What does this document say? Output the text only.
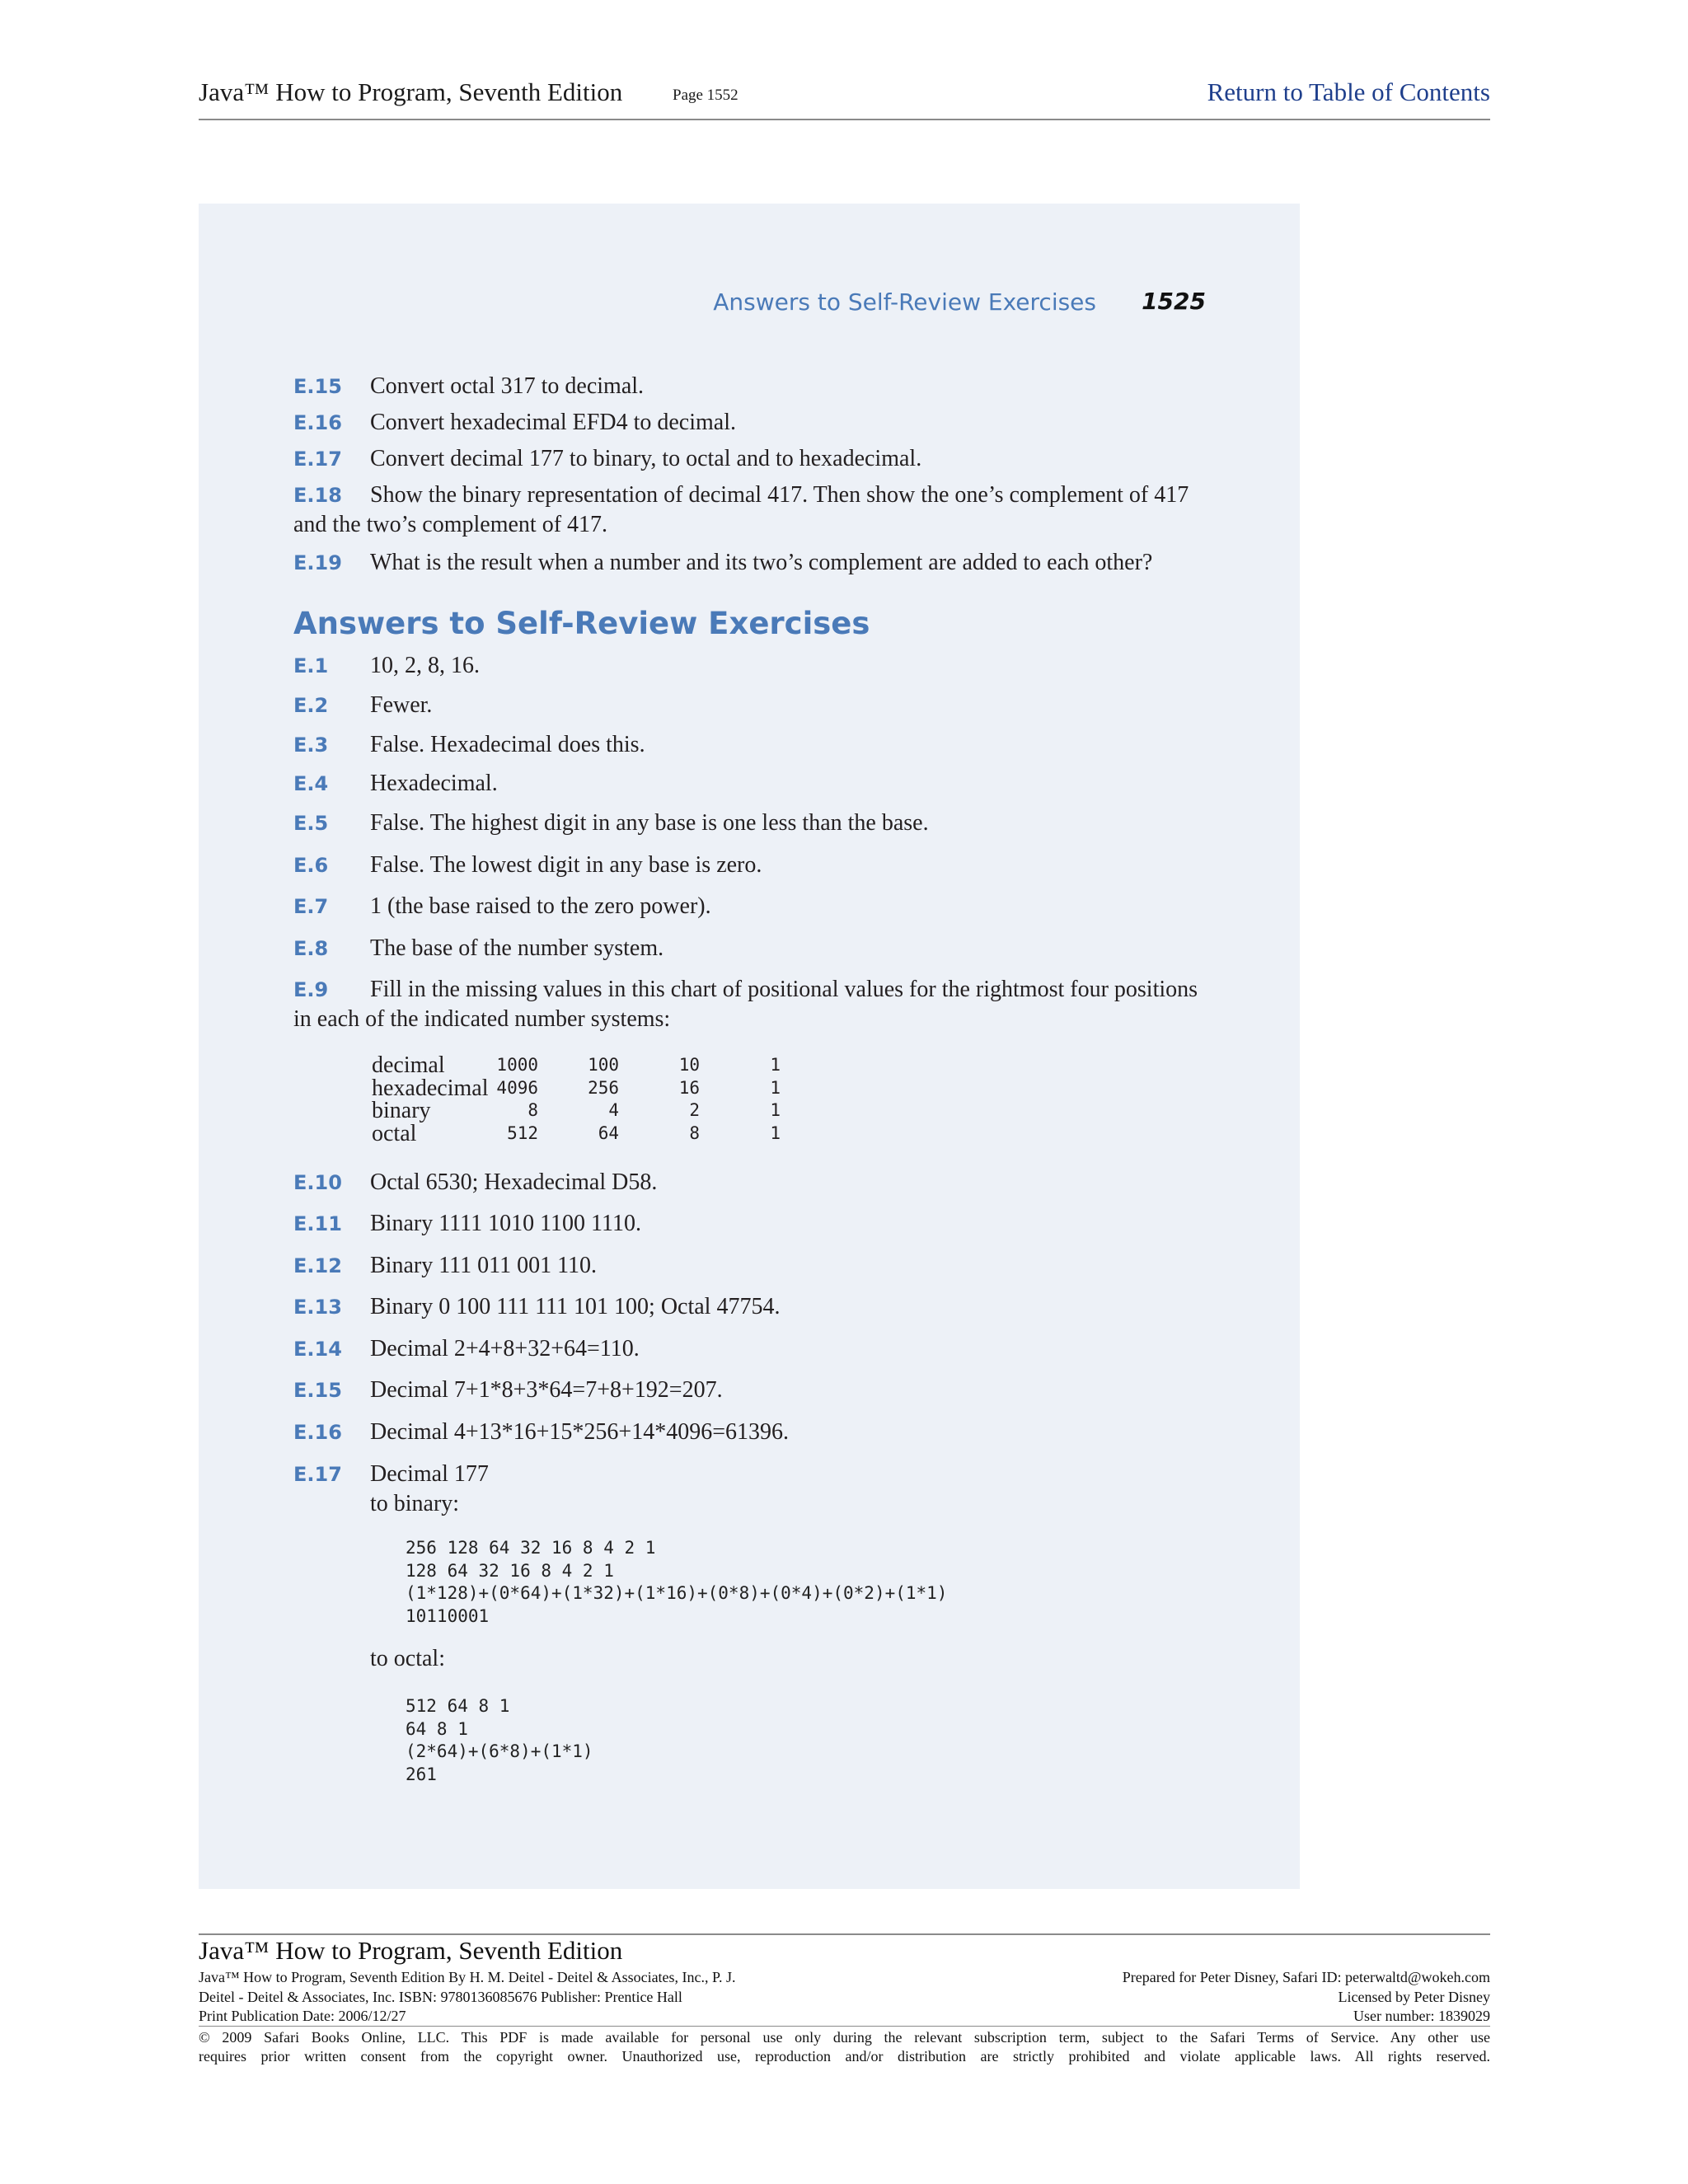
Java™ How to Program, Seventh Edition	Page 1552	Return to Table of Contents
Answers to Self-Review Exercises 1525
E.15 Convert octal 317 to decimal.
E.16 Convert hexadecimal EFD4 to decimal.
E.17 Convert decimal 177 to binary, to octal and to hexadecimal.
E.18 Show the binary representation of decimal 417. Then show the one’s complement of 417
and the two’s complement of 417.
E.19 What is the result when a number and its two’s complement are added to each other?
Answers to Self-Review Exercises
E.1 10, 2, 8, 16.
E.2 Fewer.
E.3 False. Hexadecimal does this.
E.4 Hexadecimal.
E.5 False. The highest digit in any base is one less than the base.
E.6 False. The lowest digit in any base is zero.
E.7 1 (the base raised to the zero power).
E.8 The base of the number system.
E.9 Fill in the missing values in this chart of positional values for the rightmost four positions
in each of the indicated number systems:
decimal	1000	100	10	1
hexadecimal	4096	256	16	1
binary	8	4	2	1
octal	512	64	8	1
E.10 Octal 6530; Hexadecimal D58.
E.11 Binary 1111 1010 1100 1110.
E.12 Binary 111 011 001 110.
E.13 Binary 0 100 111 111 101 100; Octal 47754.
E.14 Decimal 2+4+8+32+64=110.
E.15 Decimal 7+1*8+3*64=7+8+192=207.
E.16 Decimal 4+13*16+15*256+14*4096=61396.
E.17 Decimal 177
to binary:
256 128 64 32 16 8 4 2 1
128 64 32 16 8 4 2 1
(1*128)+(0*64)+(1*32)+(1*16)+(0*8)+(0*4)+(0*2)+(1*1)
10110001
to octal:
512 64 8 1
64 8 1
(2*64)+(6*8)+(1*1)
261
Java™ How to Program, Seventh Edition
Java™ How to Program, Seventh Edition By H. M. Deitel - Deitel & Associates, Inc., P. J.
Deitel - Deitel & Associates, Inc. ISBN: 9780136085676 Publisher: Prentice Hall
Print Publication Date: 2006/12/27
Prepared for Peter Disney, Safari ID: peterwaltd@wokeh.com
Licensed by Peter Disney
User number: 1839029
© 2009 Safari Books Online, LLC. This PDF is made available for personal use only during the relevant subscription term, subject to the Safari Terms of Service. Any other use
requires prior written consent from the copyright owner. Unauthorized use, reproduction and/or distribution are strictly prohibited and violate applicable laws. All rights reserved.
